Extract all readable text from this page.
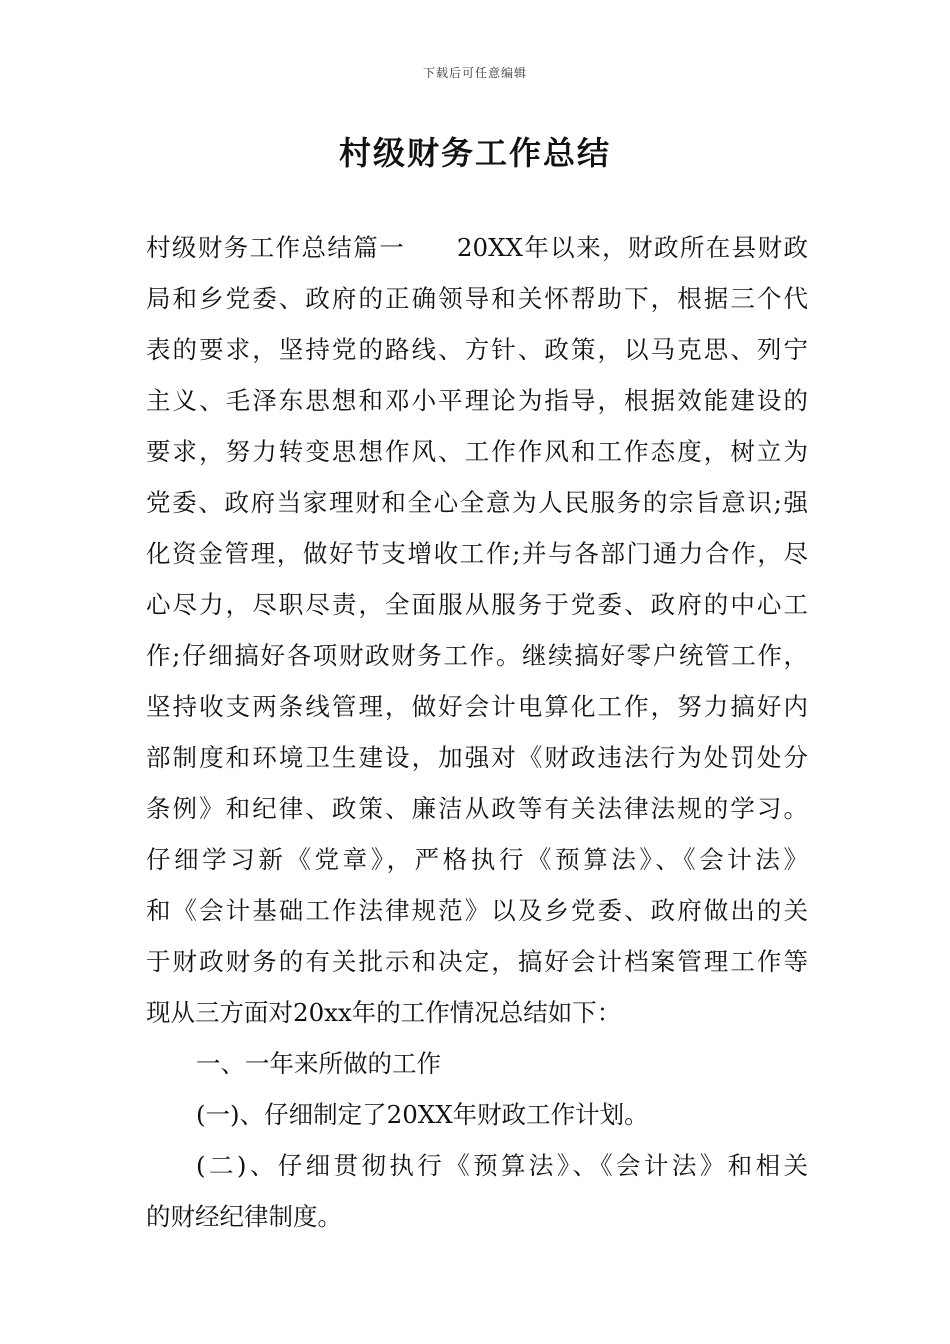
下载后可任意编辑
村级财务工作总结
村级财务工作总结篇一　　20XX年以来，财政所在县财政
局和乡党委、政府的正确领导和关怀帮助下，根据三个代
表的要求，坚持党的路线、方针、政策，以马克思、列宁
主义、毛泽东思想和邓小平理论为指导，根据效能建设的
要求，努力转变思想作风、工作作风和工作态度，树立为
党委、政府当家理财和全心全意为人民服务的宗旨意识;强
化资金管理，做好节支增收工作;并与各部门通力合作，尽
心尽力，尽职尽责，全面服从服务于党委、政府的中心工
作;仔细搞好各项财政财务工作。继续搞好零户统管工作，
坚持收支两条线管理，做好会计电算化工作，努力搞好内
部制度和环境卫生建设，加强对《财政违法行为处罚处分
条例》和纪律、政策、廉洁从政等有关法律法规的学习。
仔细学习新《党章》，严格执行《预算法》、《会计法》
和《会计基础工作法律规范》以及乡党委、政府做出的关
于财政财务的有关批示和决定，搞好会计档案管理工作等
现从三方面对20xx年的工作情况总结如下：
一、一年来所做的工作
(一)、仔细制定了20XX年财政工作计划。
(二)、仔细贯彻执行《预算法》、《会计法》和相关
的财经纪律制度。
